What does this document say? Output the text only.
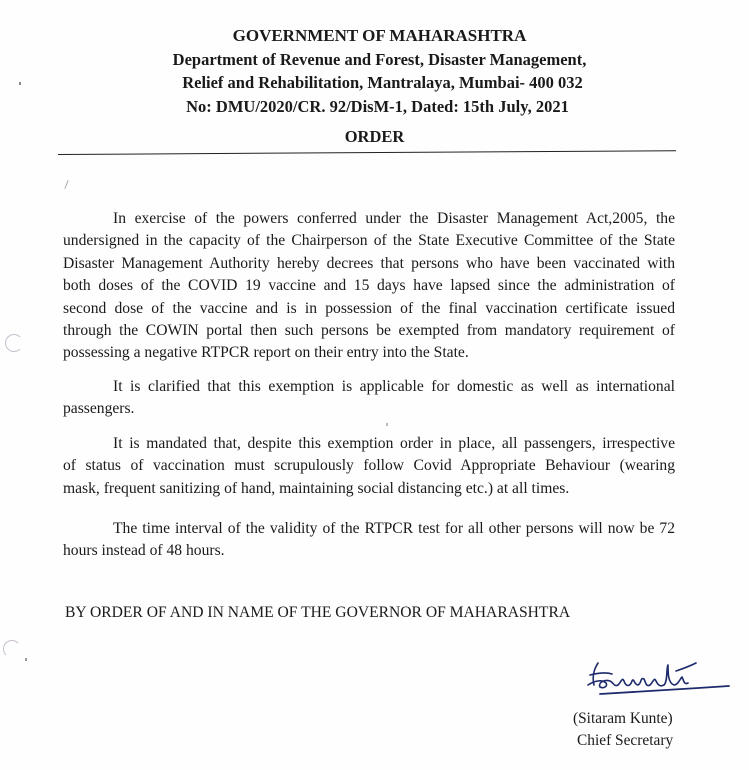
GOVERNMENT OF MAHARASHTRA
Department of Revenue and Forest, Disaster Management,
Relief and Rehabilitation, Mantralaya, Mumbai- 400 032
No: DMU/2020/CR. 92/DisM-1, Dated: 15th July, 2021
ORDER
In exercise of the powers conferred under the Disaster Management Act,2005, the
undersigned in the capacity of the Chairperson of the State Executive Committee of the State
Disaster Management Authority hereby decrees that persons who have been vaccinated with
both doses of the COVID 19 vaccine and 15 days have lapsed since the administration of
second dose of the vaccine and is in possession of the final vaccination certificate issued
through the COWIN portal then such persons be exempted from mandatory requirement of
possessing a negative RTPCR report on their entry into the State.
It is clarified that this exemption is applicable for domestic as well as international
passengers.
It is mandated that, despite this exemption order in place, all passengers, irrespective
of status of vaccination must scrupulously follow Covid Appropriate Behaviour (wearing
mask, frequent sanitizing of hand, maintaining social distancing etc.) at all times.
The time interval of the validity of the RTPCR test for all other persons will now be 72
hours instead of 48 hours.
BY ORDER OF AND IN NAME OF THE GOVERNOR OF MAHARASHTRA
(Sitaram Kunte)
Chief Secretary
